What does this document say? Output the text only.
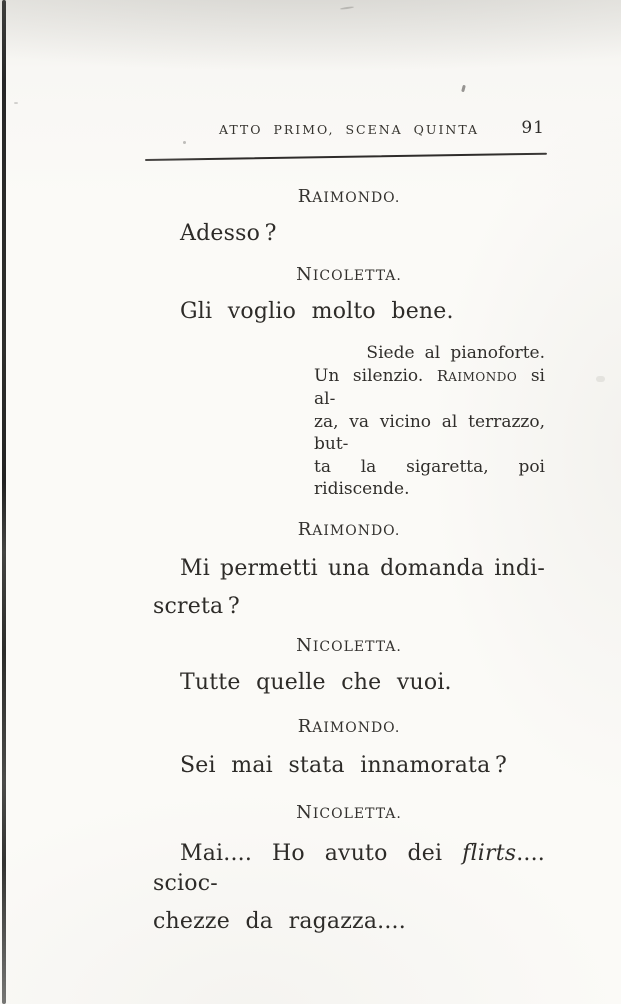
ATTO PRIMO, SCENA QUINTA	91
RAIMONDO.

Adesso ?

NICOLETTA.

Gli voglio molto bene.

Siede al pianoforte.
Un silenzio. RAIMONDO si al-
za, va vicino al terrazzo, but-
ta la sigaretta, poi ridiscende.
RAIMONDO.

Mi permetti una domanda indi-

screta ?

NICOLETTA.

Tutte quelle che vuoi.

RAIMONDO.

Sei mai stata innamorata ?

NICOLETTA.

Mai.... Ho avuto dei flirts.... scioc-

chezze da ragazza....
